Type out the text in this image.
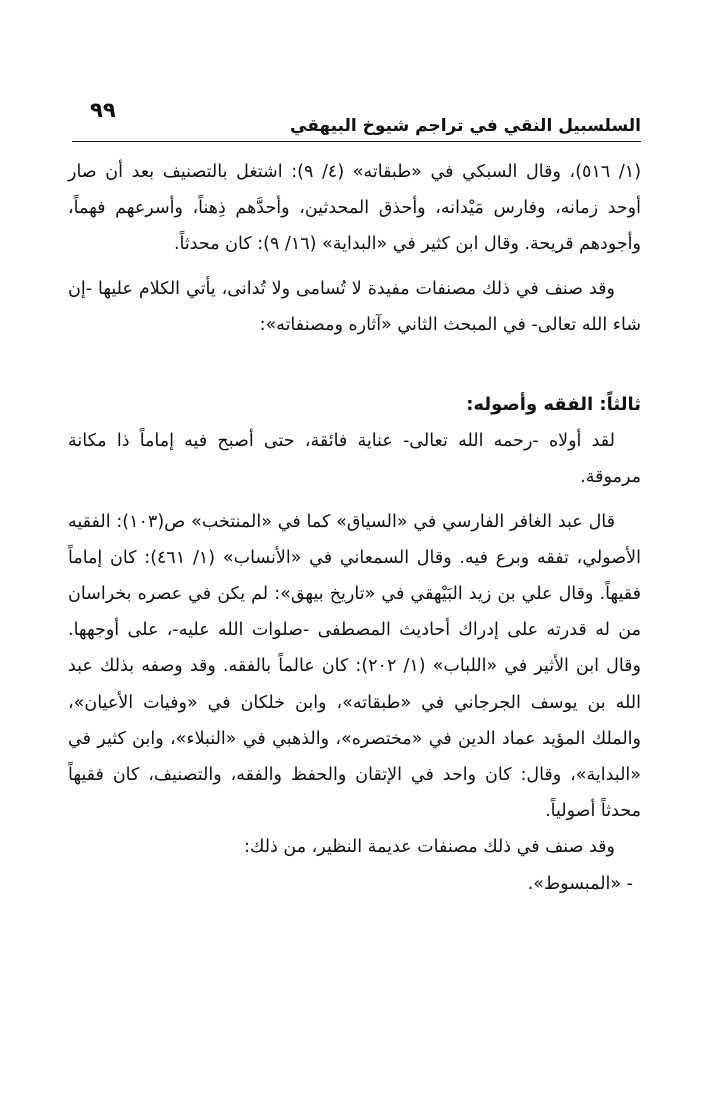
السلسبيل النقي في تراجم شيوخ البيهقي
٩٩

(١/ ٥١٦)، وقال السبكي في «طبقاته» (٤/ ٩): اشتغل بالتصنيف بعد أن صار أوحد زمانه، وفارس مَيْدانه، وأحذق المحدثين، وأحدَّهم ذِهناً، وأسرعهم فهماً، وأجودهم قريحة. وقال ابن كثير في «البداية» (١٦/ ٩): كان محدثاً.

وقد صنف في ذلك مصنفات مفيدة لا تُسامى ولا تُدانى، يأتي الكلام عليها -إن شاء الله تعالى- في المبحث الثاني «آثاره ومصنفاته»:

ثالثاً: الفقه وأصوله:

لقد أولاه -رحمه الله تعالى- عناية فائقة، حتى أصبح فيه إماماً ذا مكانة مرموقة.

قال عبد الغافر الفارسي في «السياق» كما في «المنتخب» ص(١٠٣): الفقيه الأصولي، تفقه وبرع فيه. وقال السمعاني في «الأنساب» (١/ ٤٦١): كان إماماً فقيهاً. وقال علي بن زيد البَيْهقي في «تاريخ بيهق»: لم يكن في عصره بخراسان من له قدرته على إدراك أحاديث المصطفى -صلوات الله عليه-، على أوجهها. وقال ابن الأثير في «اللباب» (١/ ٢٠٢): كان عالماً بالفقه. وقد وصفه بذلك عبد الله بن يوسف الجرجاني في «طبقاته»، وابن خلكان في «وفيات الأعيان»، والملك المؤيد عماد الدين في «مختصره»، والذهبي في «النبلاء»، وابن كثير في «البداية»، وقال: كان واحد في الإتقان والحفظ والفقه، والتصنيف، كان فقيهاً محدثاً أصولياً.

وقد صنف في ذلك مصنفات عديمة النظير، من ذلك:

- «المبسوط».
